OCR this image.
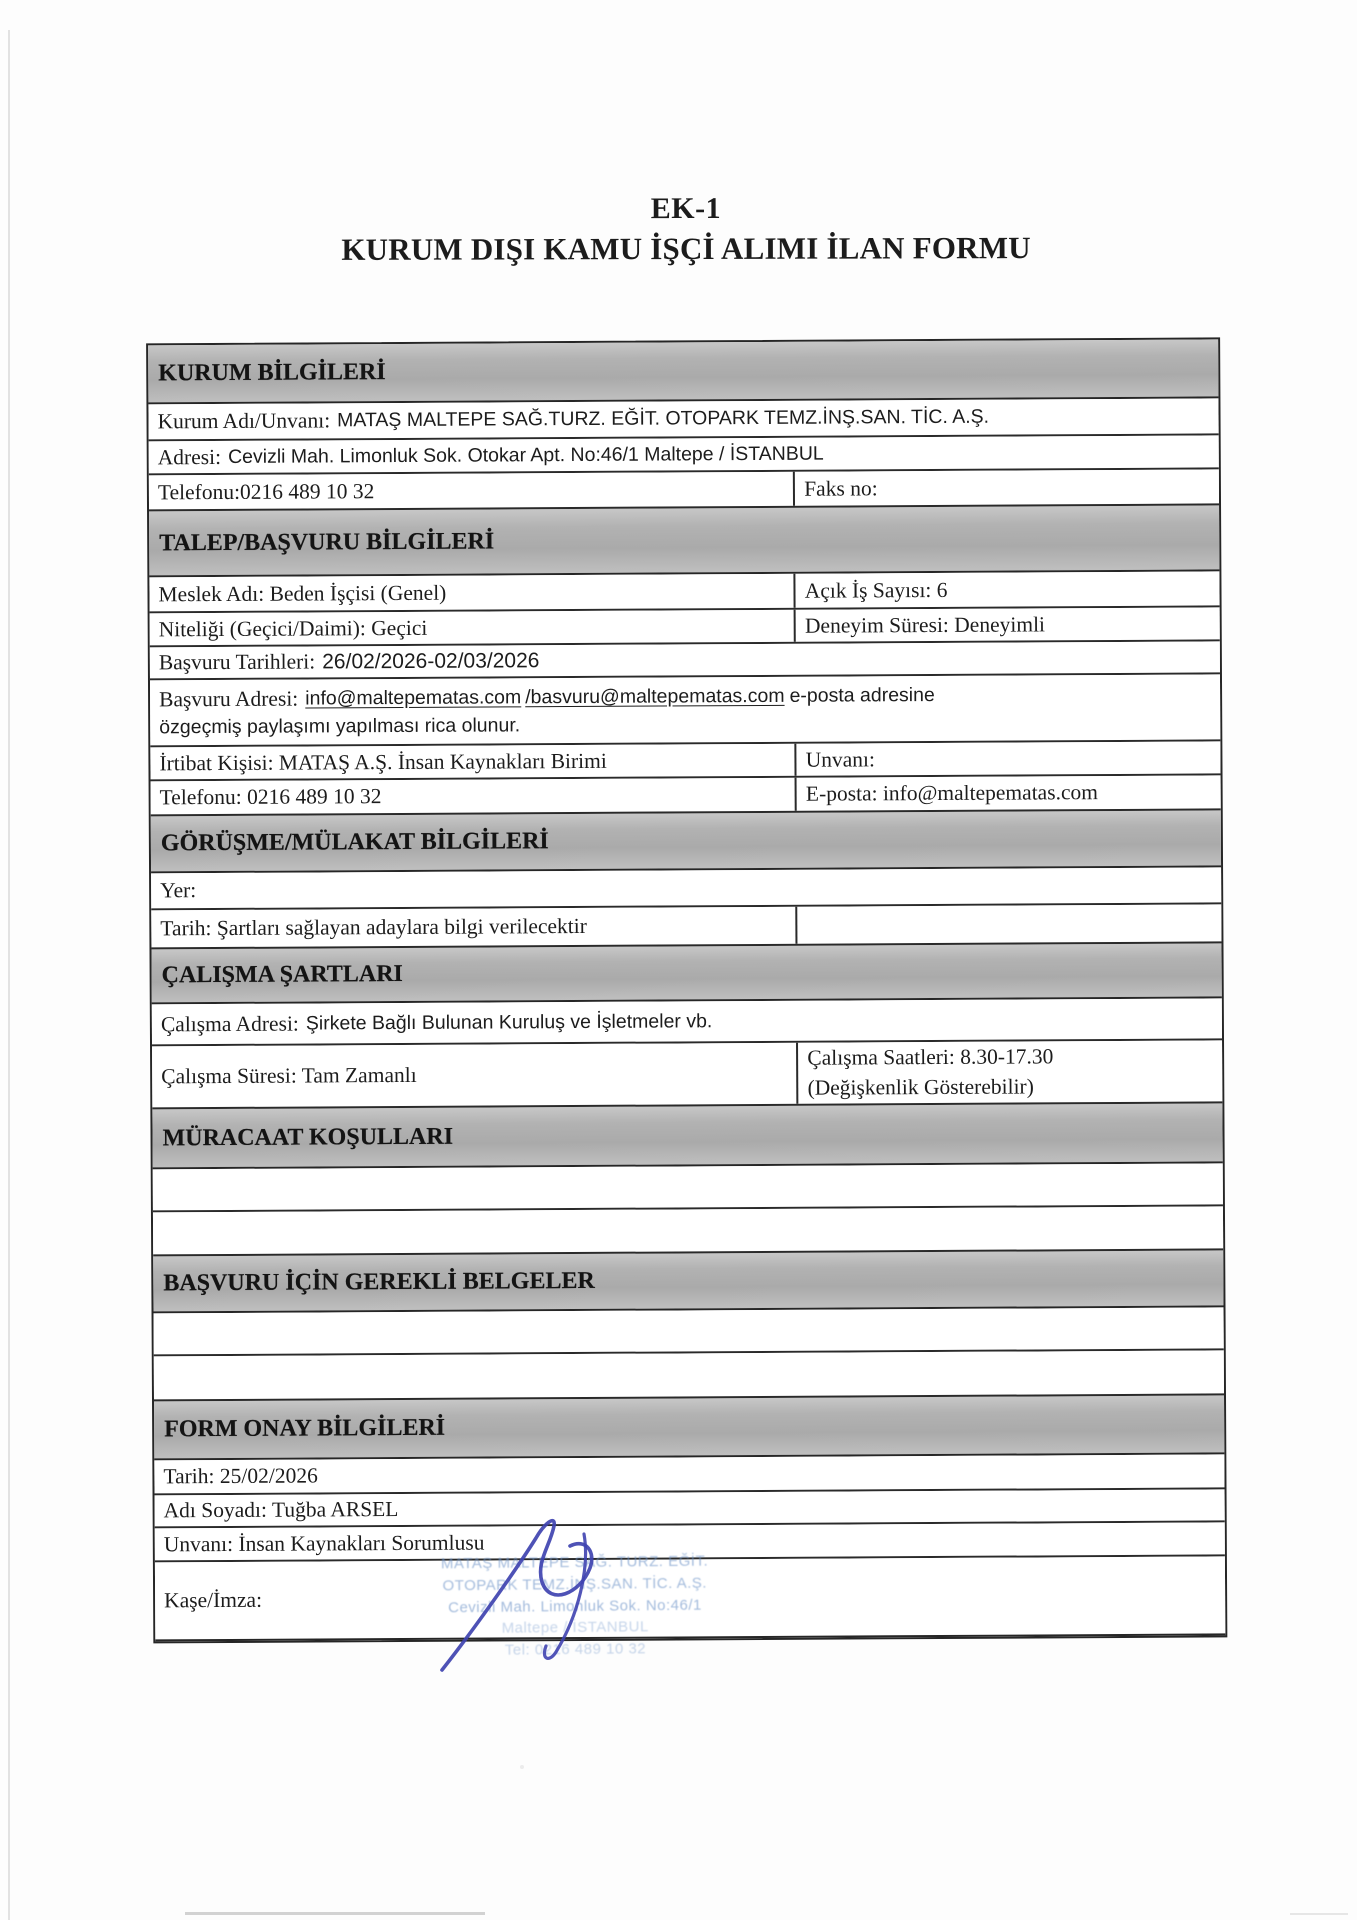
EK-1
KURUM DIŞI KAMU İŞÇİ ALIMI İLAN FORMU
KURUM BİLGİLERİ
Kurum Adı/Unvanı: MATAŞ MALTEPE SAĞ.TURZ. EĞİT. OTOPARK TEMZ.İNŞ.SAN. TİC. A.Ş.
Adresi: Cevizli Mah. Limonluk Sok. Otokar Apt. No:46/1 Maltepe / İSTANBUL
Telefonu:0216 489 10 32	Faks no:
TALEP/BAŞVURU BİLGİLERİ
Meslek Adı: Beden İşçisi (Genel)	Açık İş Sayısı: 6
Niteliği (Geçici/Daimi): Geçici	Deneyim Süresi: Deneyimli
Başvuru Tarihleri: 26/02/2026-02/03/2026
Başvuru Adresi: info@maltepematas.com /basvuru@maltepematas.com e-posta adresine
özgeçmiş paylaşımı yapılması rica olunur.
İrtibat Kişisi: MATAŞ A.Ş. İnsan Kaynakları Birimi	Unvanı:
Telefonu: 0216 489 10 32	E-posta: info@maltepematas.com
GÖRÜŞME/MÜLAKAT BİLGİLERİ
Yer:
Tarih: Şartları sağlayan adaylara bilgi verilecektir
ÇALIŞMA ŞARTLARI
Çalışma Adresi: Şirkete Bağlı Bulunan Kuruluş ve İşletmeler vb.
Çalışma Süresi: Tam Zamanlı
Çalışma Saatleri: 8.30-17.30
(Değişkenlik Gösterebilir)
MÜRACAAT KOŞULLARI
BAŞVURU İÇİN GEREKLİ BELGELER
FORM ONAY BİLGİLERİ
Tarih: 25/02/2026
Adı Soyadı: Tuğba ARSEL
Unvanı: İnsan Kaynakları Sorumlusu
Kaşe/İmza:
MATAŞ MALTEPE SAĞ. TURZ. EĞİT.
OTOPARK TEMZ.İNŞ.SAN. TİC. A.Ş.
Cevizli Mah. Limonluk Sok. No:46/1
Maltepe / İSTANBUL
Tel: 0216 489 10 32
